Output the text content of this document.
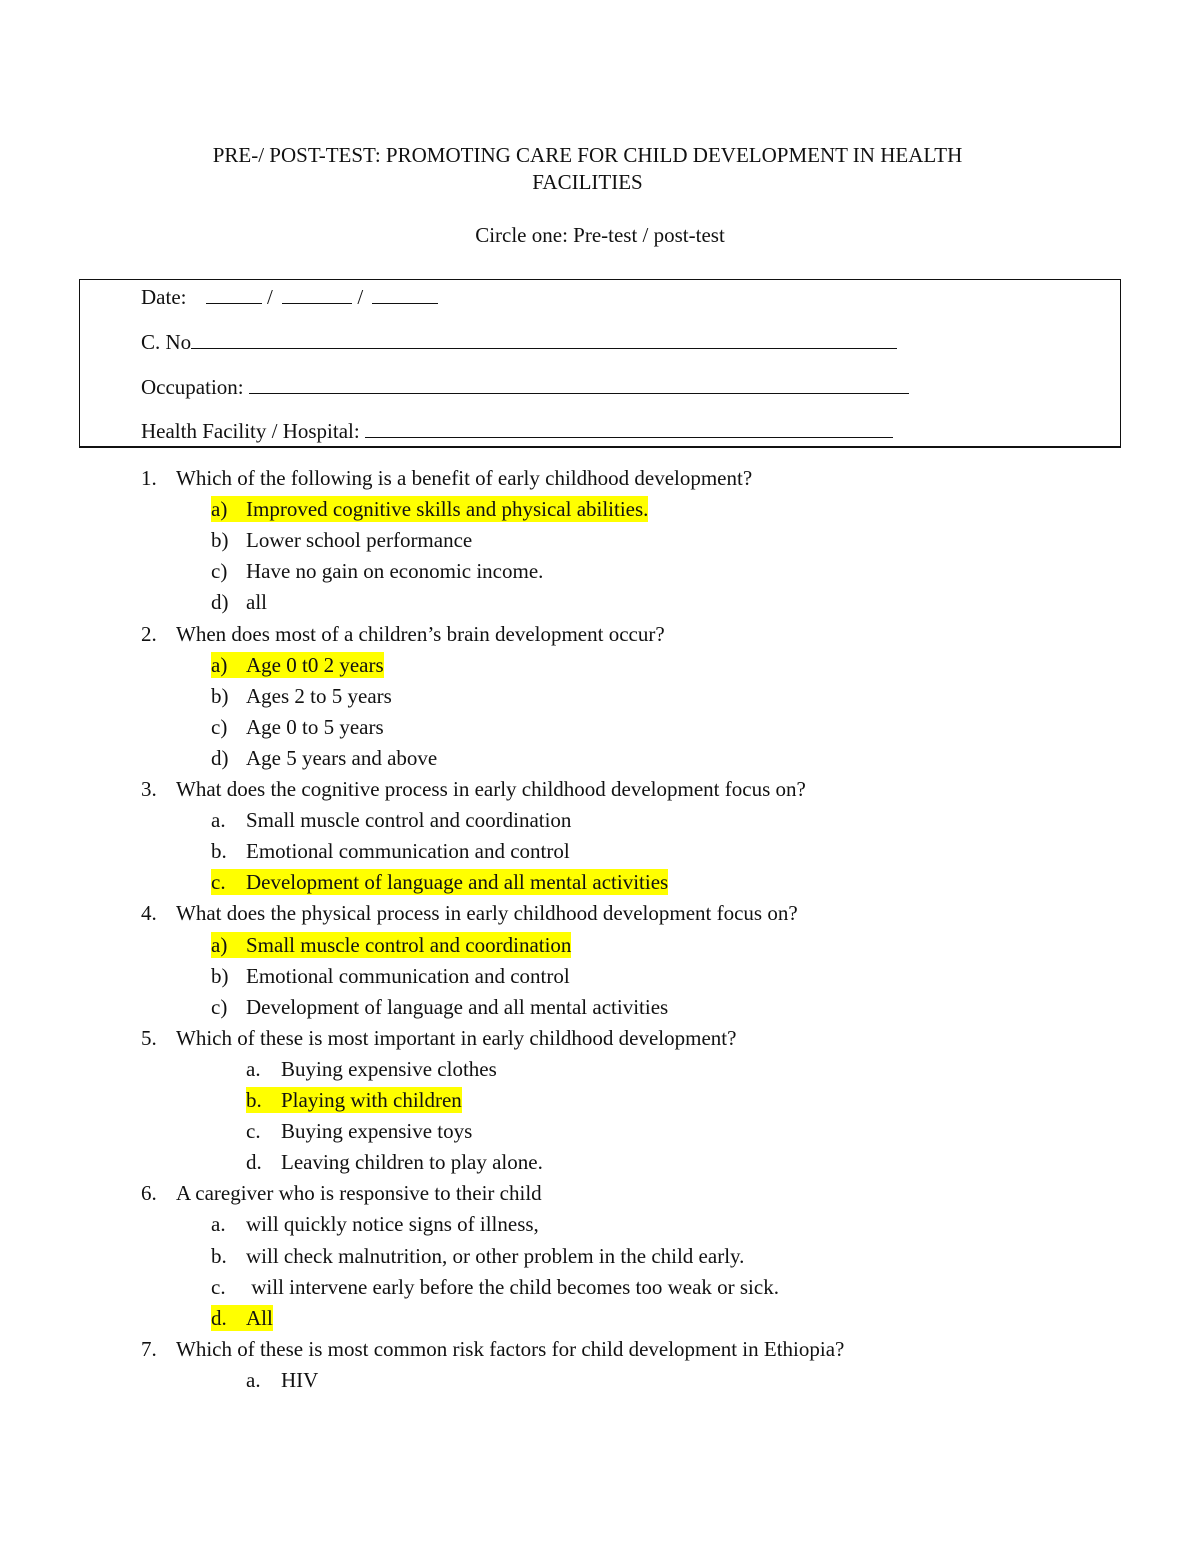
PRE-/ POST-TEST: PROMOTING CARE FOR CHILD DEVELOPMENT IN HEALTH
FACILITIES
Circle one: Pre-test / post-test
Date:	/	/
C. No
Occupation:
Health Facility / Hospital:
1. Which of the following is a benefit of early childhood development?
a) Improved cognitive skills and physical abilities.
b) Lower school performance
c) Have no gain on economic income.
d) all
2. When does most of a children’s brain development occur?
a) Age 0 t0 2 years
b) Ages 2 to 5 years
c) Age 0 to 5 years
d) Age 5 years and above
3. What does the cognitive process in early childhood development focus on?
a. Small muscle control and coordination
b. Emotional communication and control
c. Development of language and all mental activities
4. What does the physical process in early childhood development focus on?
a) Small muscle control and coordination
b) Emotional communication and control
c) Development of language and all mental activities
5. Which of these is most important in early childhood development?
a. Buying expensive clothes
b. Playing with children
c. Buying expensive toys
d. Leaving children to play alone.
6. A caregiver who is responsive to their child
a. will quickly notice signs of illness,
b. will check malnutrition, or other problem in the child early.
c. will intervene early before the child becomes too weak or sick.
d. All
7. Which of these is most common risk factors for child development in Ethiopia?
a. HIV
